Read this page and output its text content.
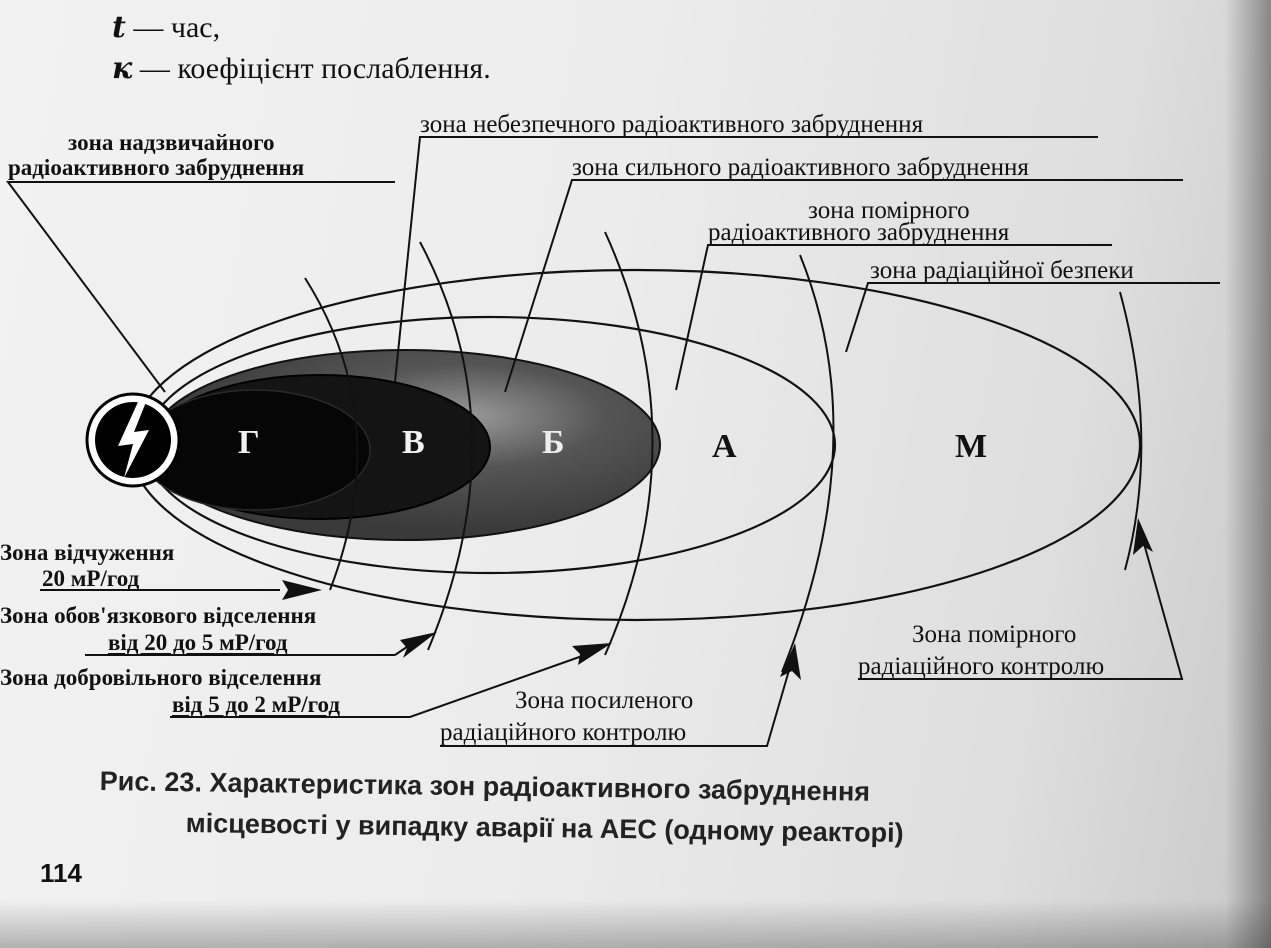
t — час,
к — коефіцієнт послаблення.
Г	В	Б	А	М
зона надзвичайного
радіоактивного забруднення
зона небезпечного радіоактивного забруднення
зона сильного радіоактивного забруднення
зона помірного
радіоактивного забруднення
зона радіаційної безпеки
Зона відчуження
20 мР/год
Зона обов'язкового відселення
від 20 до 5 мР/год
Зона добровільного відселення
від 5 до 2 мР/год	Зона посиленого
радіаційного контролю
Зона помірного
радіаційного контролю
Рис. 23. Характеристика зон радіоактивного забруднення
місцевості у випадку аварії на АЕС (одному реакторі)
114
